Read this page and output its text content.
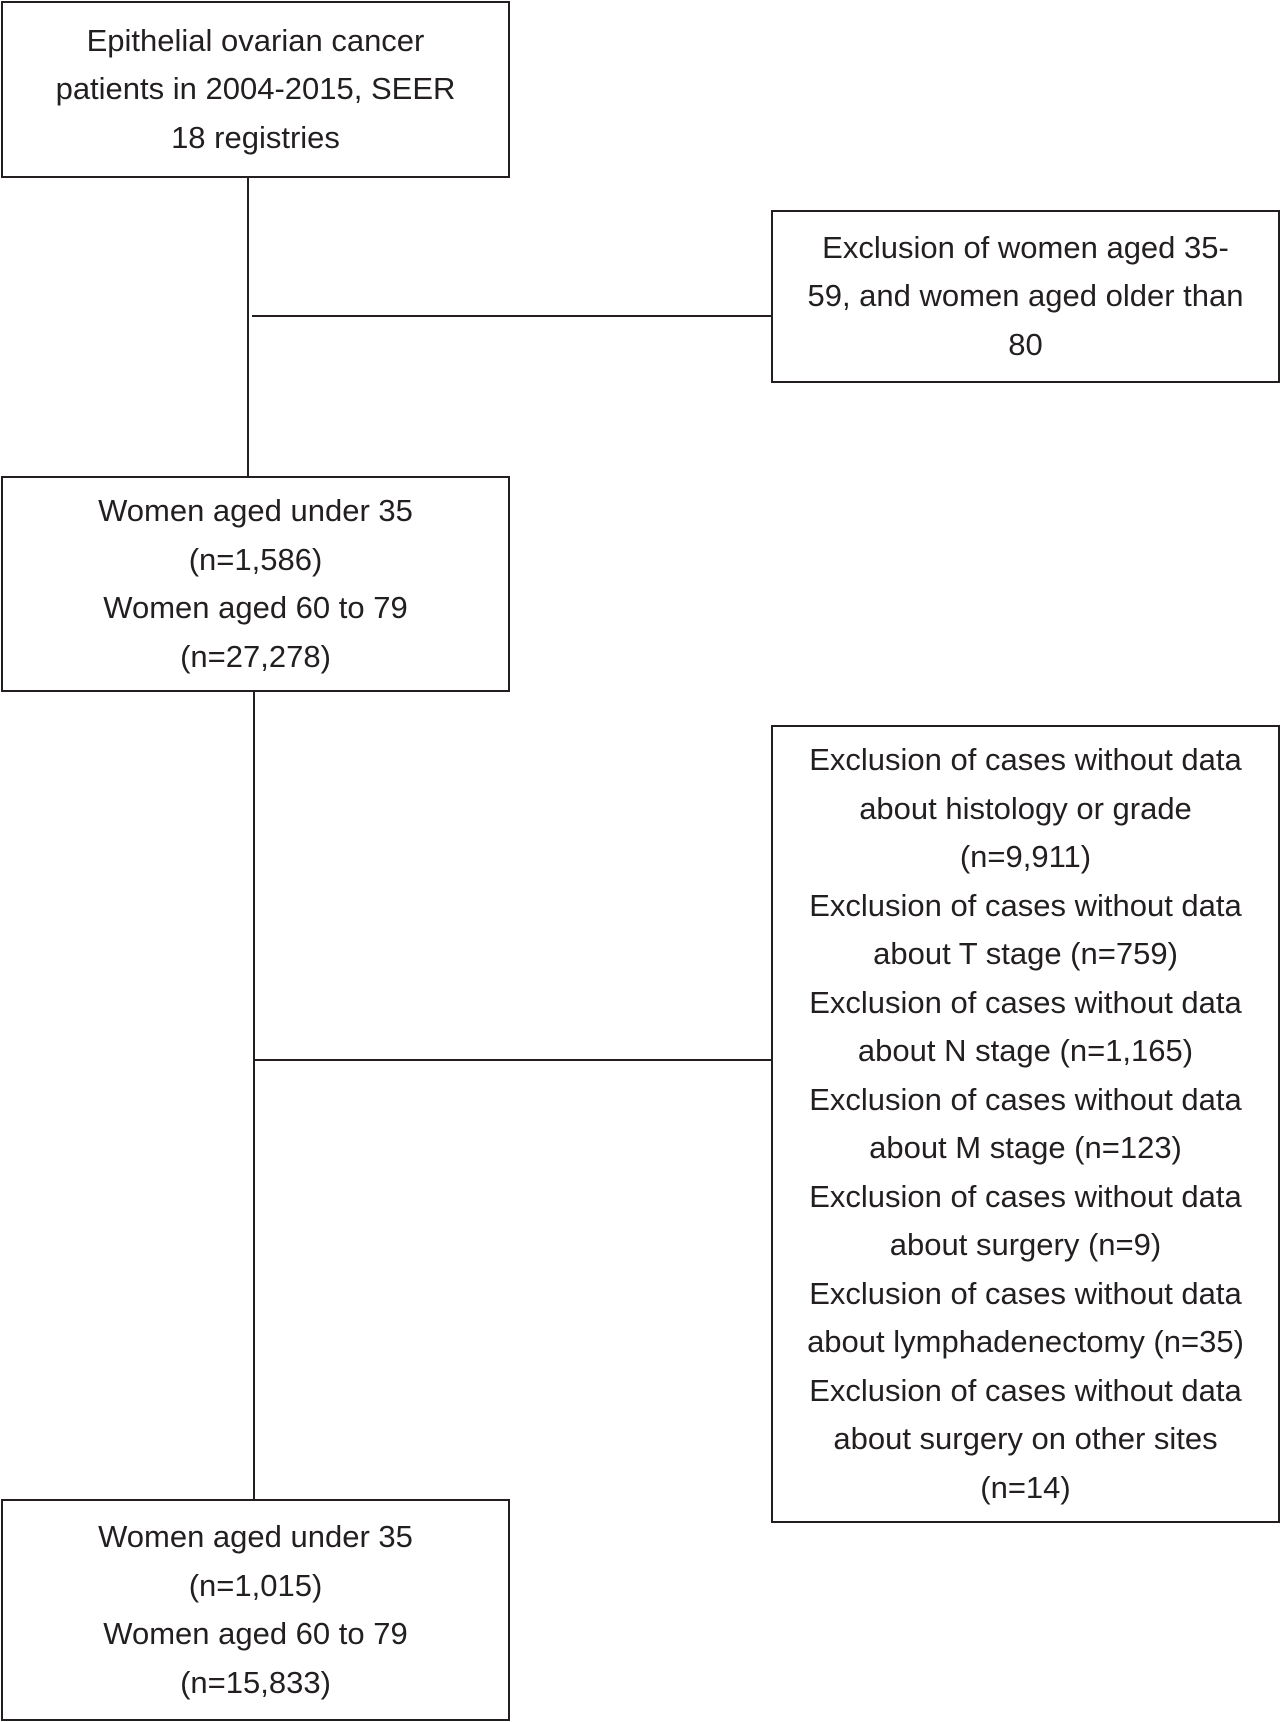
Epithelial ovarian cancer
patients in 2004-2015, SEER
18 registries
Exclusion of women aged 35-
59, and women aged older than
80
Women aged under 35
(n=1,586)
Women aged 60 to 79
(n=27,278)
Exclusion of cases without data
about histology or grade
(n=9,911)
Exclusion of cases without data
about T stage (n=759)
Exclusion of cases without data
about N stage (n=1,165)
Exclusion of cases without data
about M stage (n=123)
Exclusion of cases without data
about surgery (n=9)
Exclusion of cases without data
about lymphadenectomy (n=35)
Exclusion of cases without data
about surgery on other sites
(n=14)
Women aged under 35
(n=1,015)
Women aged 60 to 79
(n=15,833)
